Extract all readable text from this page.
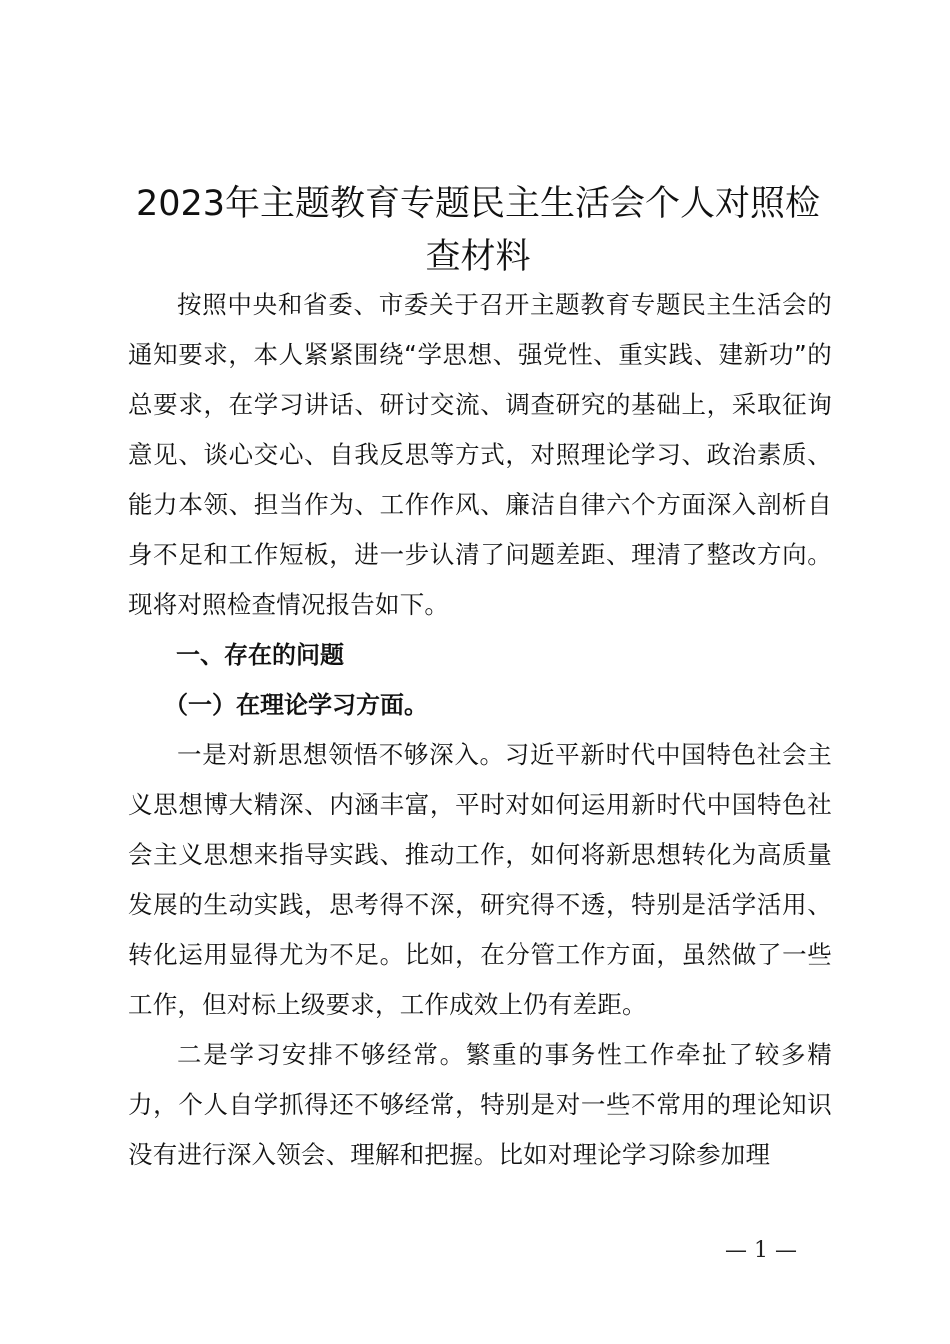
2023年主题教育专题民主生活会个人对照检查材料

按照中央和省委、市委关于召开主题教育专题民主生活会的通知要求，本人紧紧围绕“学思想、强党性、重实践、建新功”的总要求，在学习讲话、研讨交流、调查研究的基础上，采取征询意见、谈心交心、自我反思等方式，对照理论学习、政治素质、能力本领、担当作为、工作作风、廉洁自律六个方面深入剖析自身不足和工作短板，进一步认清了问题差距、理清了整改方向。现将对照检查情况报告如下。

一、存在的问题

（一）在理论学习方面。

一是对新思想领悟不够深入。习近平新时代中国特色社会主义思想博大精深、内涵丰富，平时对如何运用新时代中国特色社会主义思想来指导实践、推动工作，如何将新思想转化为高质量发展的生动实践，思考得不深，研究得不透，特别是活学活用、转化运用显得尤为不足。比如，在分管工作方面，虽然做了一些工作，但对标上级要求，工作成效上仍有差距。

二是学习安排不够经常。繁重的事务性工作牵扯了较多精力，个人自学抓得还不够经常，特别是对一些不常用的理论知识没有进行深入领会、理解和把握。比如对理论学习除参加理

— 1 —
